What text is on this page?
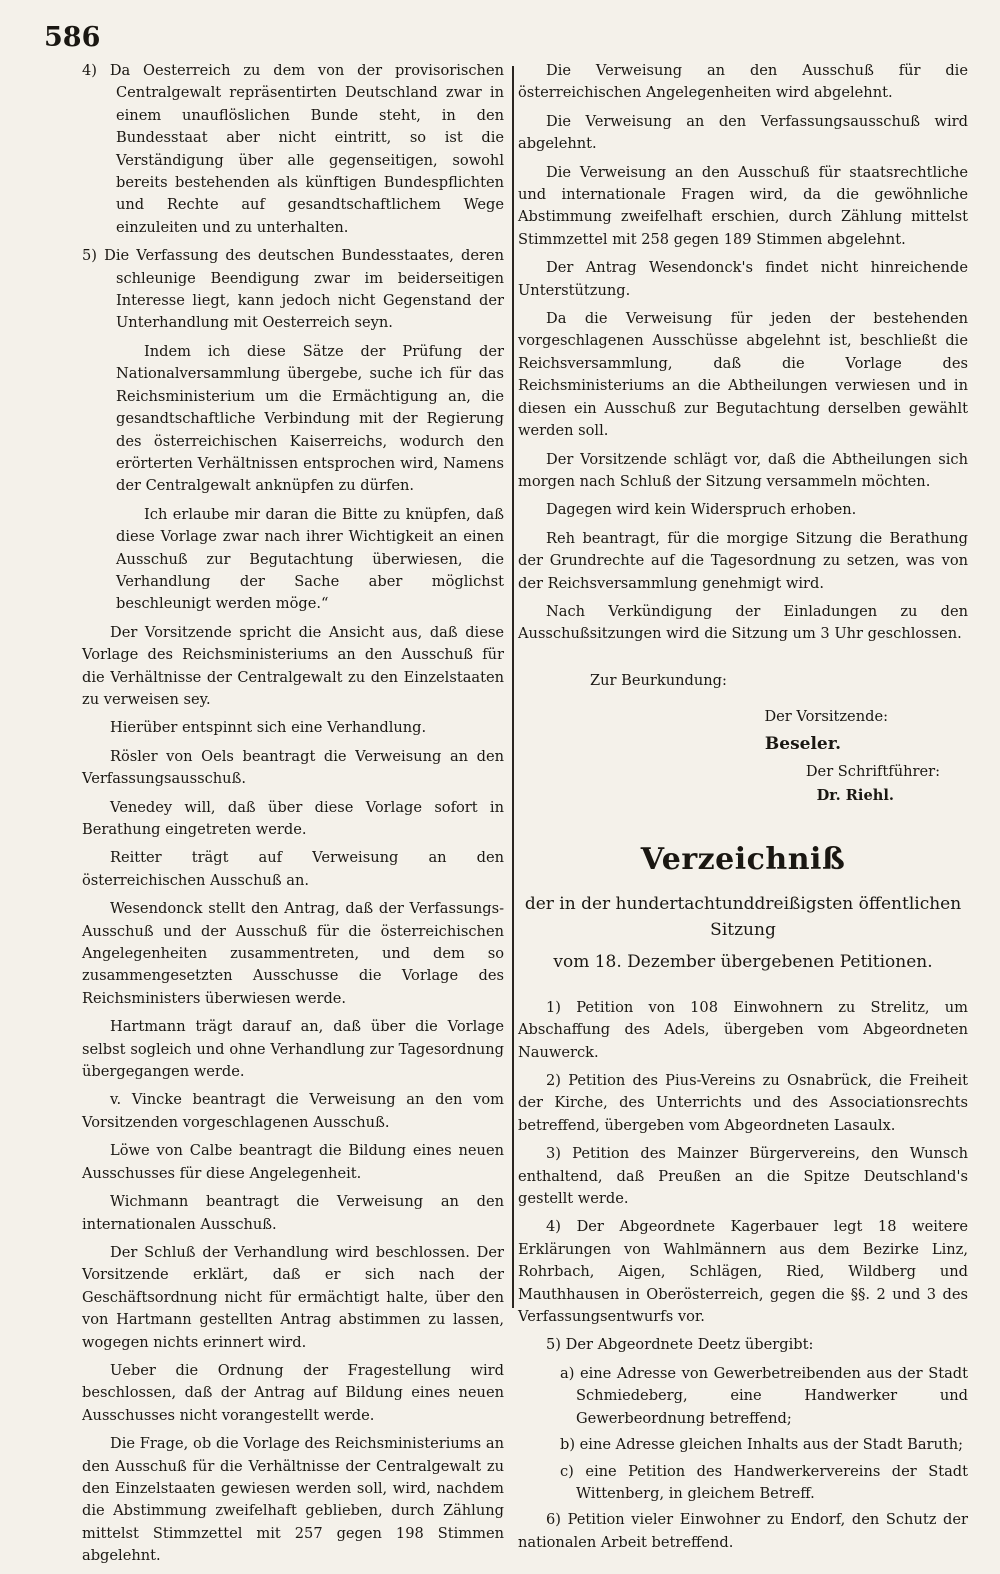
586

4) Da Oesterreich zu dem von der provisorischen Centralgewalt repräsentirten Deutschland zwar in einem unauflöslichen Bunde steht, in den Bundesstaat aber nicht eintritt, so ist die Verständigung über alle gegenseitigen, sowohl bereits bestehenden als künftigen Bundespflichten und Rechte auf gesandtschaftlichem Wege einzuleiten und zu unterhalten.

5) Die Verfassung des deutschen Bundesstaates, deren schleunige Beendigung zwar im beiderseitigen Interesse liegt, kann jedoch nicht Gegenstand der Unterhandlung mit Oesterreich seyn.

Indem ich diese Sätze der Prüfung der Nationalversammlung übergebe, suche ich für das Reichsministerium um die Ermächtigung an, die gesandtschaftliche Verbindung mit der Regierung des österreichischen Kaiserreichs, wodurch den erörterten Verhältnissen entsprochen wird, Namens der Centralgewalt anknüpfen zu dürfen.

Ich erlaube mir daran die Bitte zu knüpfen, daß diese Vorlage zwar nach ihrer Wichtigkeit an einen Ausschuß zur Begutachtung überwiesen, die Verhandlung der Sache aber möglichst beschleunigt werden möge.“

Der Vorsitzende spricht die Ansicht aus, daß diese Vorlage des Reichsministeriums an den Ausschuß für die Verhältnisse der Centralgewalt zu den Einzelstaaten zu verweisen sey.

Hierüber entspinnt sich eine Verhandlung.

Rösler von Oels beantragt die Verweisung an den Verfassungsausschuß.

Venedey will, daß über diese Vorlage sofort in Berathung eingetreten werde.

Reitter trägt auf Verweisung an den österreichischen Ausschuß an.

Wesendonck stellt den Antrag, daß der Verfassungs-Ausschuß und der Ausschuß für die österreichischen Angelegenheiten zusammentreten, und dem so zusammengesetzten Ausschusse die Vorlage des Reichsministers überwiesen werde.

Hartmann trägt darauf an, daß über die Vorlage selbst sogleich und ohne Verhandlung zur Tagesordnung übergegangen werde.

v. Vincke beantragt die Verweisung an den vom Vorsitzenden vorgeschlagenen Ausschuß.

Löwe von Calbe beantragt die Bildung eines neuen Ausschusses für diese Angelegenheit.

Wichmann beantragt die Verweisung an den internationalen Ausschuß.

Der Schluß der Verhandlung wird beschlossen. Der Vorsitzende erklärt, daß er sich nach der Geschäftsordnung nicht für ermächtigt halte, über den von Hartmann gestellten Antrag abstimmen zu lassen, wogegen nichts erinnert wird.

Ueber die Ordnung der Fragestellung wird beschlossen, daß der Antrag auf Bildung eines neuen Ausschusses nicht vorangestellt werde.

Die Frage, ob die Vorlage des Reichsministeriums an den Ausschuß für die Verhältnisse der Centralgewalt zu den Einzelstaaten gewiesen werden soll, wird, nachdem die Abstimmung zweifelhaft geblieben, durch Zählung mittelst Stimmzettel mit 257 gegen 198 Stimmen abgelehnt.

Die Verweisung an den Ausschuß für die österreichischen Angelegenheiten wird abgelehnt.

Die Verweisung an den Verfassungsausschuß wird abgelehnt.

Die Verweisung an den Ausschuß für staatsrechtliche und internationale Fragen wird, da die gewöhnliche Abstimmung zweifelhaft erschien, durch Zählung mittelst Stimmzettel mit 258 gegen 189 Stimmen abgelehnt.

Der Antrag Wesendonck's findet nicht hinreichende Unterstützung.

Da die Verweisung für jeden der bestehenden vorgeschlagenen Ausschüsse abgelehnt ist, beschließt die Reichsversammlung, daß die Vorlage des Reichsministeriums an die Abtheilungen verwiesen und in diesen ein Ausschuß zur Begutachtung derselben gewählt werden soll.

Der Vorsitzende schlägt vor, daß die Abtheilungen sich morgen nach Schluß der Sitzung versammeln möchten.

Dagegen wird kein Widerspruch erhoben.

Reh beantragt, für die morgige Sitzung die Berathung der Grundrechte auf die Tagesordnung zu setzen, was von der Reichsversammlung genehmigt wird.

Nach Verkündigung der Einladungen zu den Ausschußsitzungen wird die Sitzung um 3 Uhr geschlossen.

Zur Beurkundung:

Der Vorsitzende:

Beseler.

Der Schriftführer:

Dr. Riehl.

Verzeichniß
der in der hundertachtunddreißigsten öffentlichen Sitzung
vom 18. Dezember übergebenen Petitionen.

1) Petition von 108 Einwohnern zu Strelitz, um Abschaffung des Adels, übergeben vom Abgeordneten Nauwerck.

2) Petition des Pius-Vereins zu Osnabrück, die Freiheit der Kirche, des Unterrichts und des Associationsrechts betreffend, übergeben vom Abgeordneten Lasaulx.

3) Petition des Mainzer Bürgervereins, den Wunsch enthaltend, daß Preußen an die Spitze Deutschland's gestellt werde.

4) Der Abgeordnete Kagerbauer legt 18 weitere Erklärungen von Wahlmännern aus dem Bezirke Linz, Rohrbach, Aigen, Schlägen, Ried, Wildberg und Mauthhausen in Oberösterreich, gegen die §§. 2 und 3 des Verfassungsentwurfs vor.

5) Der Abgeordnete Deetz übergibt:

a) eine Adresse von Gewerbetreibenden aus der Stadt Schmiedeberg, eine Handwerker und Gewerbeordnung betreffend;

b) eine Adresse gleichen Inhalts aus der Stadt Baruth;

c) eine Petition des Handwerkervereins der Stadt Wittenberg, in gleichem Betreff.

6) Petition vieler Einwohner zu Endorf, den Schutz der nationalen Arbeit betreffend.
